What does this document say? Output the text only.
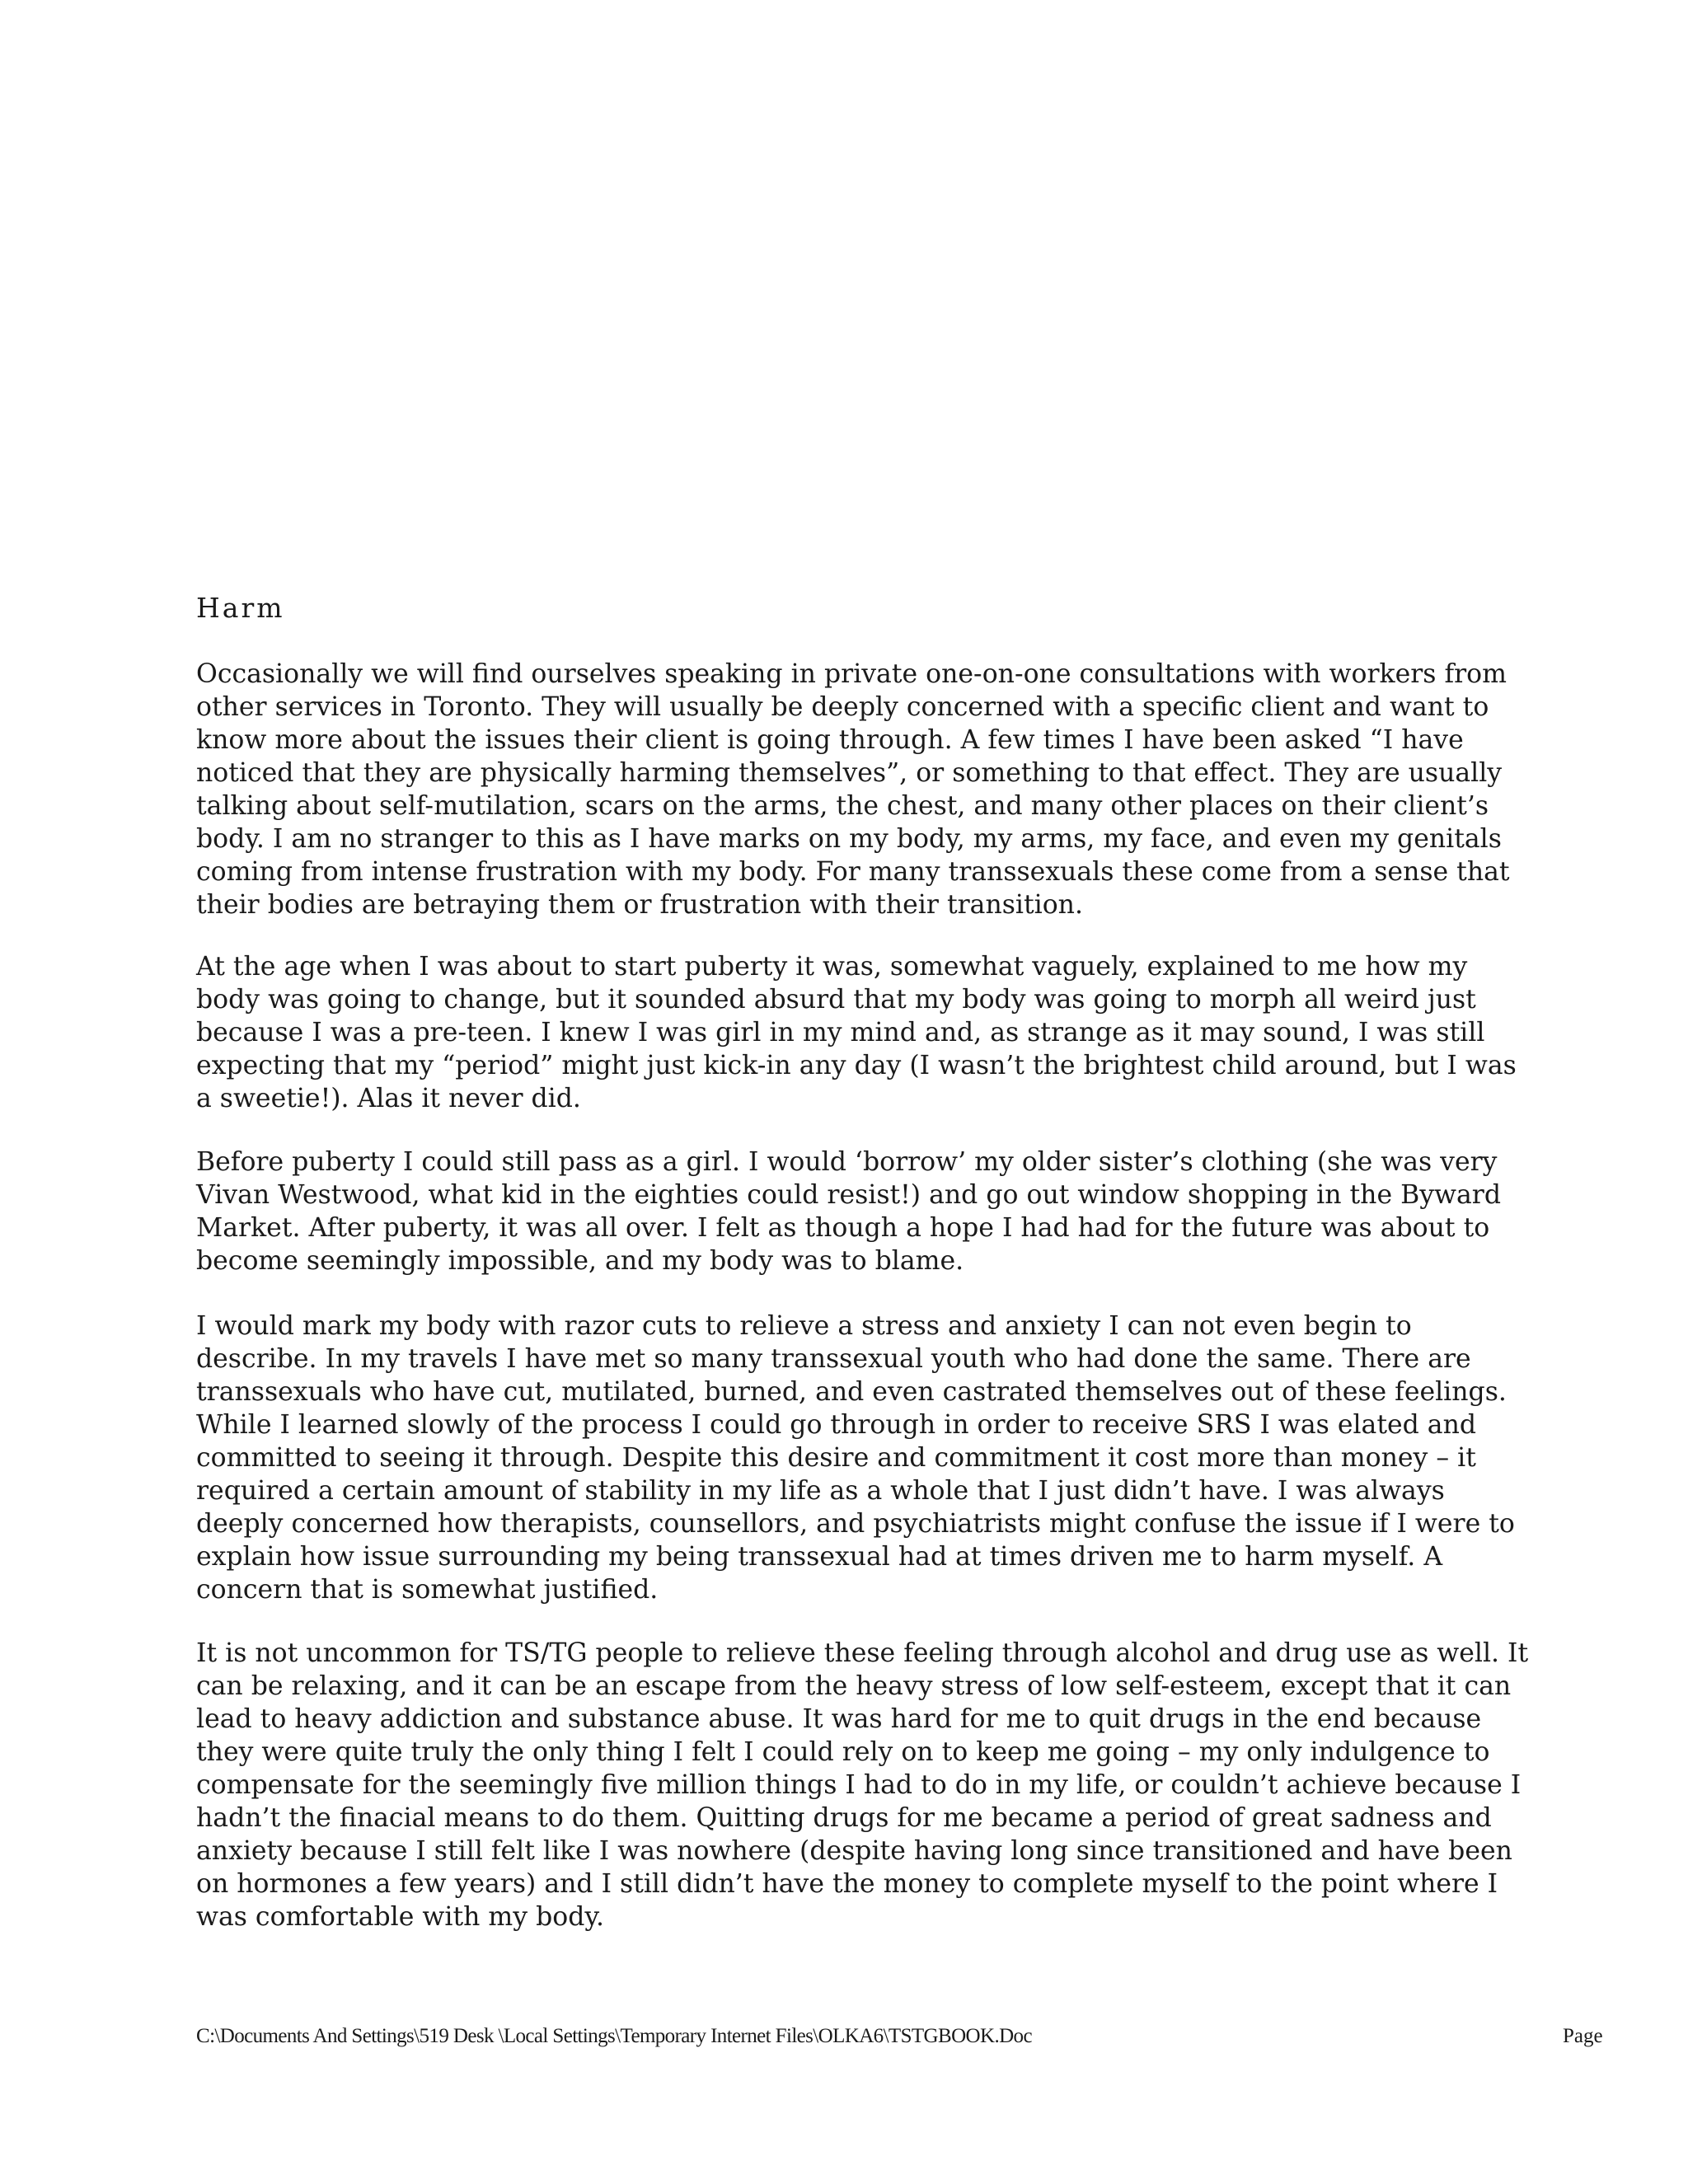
Harm
Occasionally we will find ourselves speaking in private one-on-one consultations with workers from
other services in Toronto. They will usually be deeply concerned with a specific client and want to
know more about the issues their client is going through. A few times I have been asked “I have
noticed that they are physically harming themselves”, or something to that effect. They are usually
talking about self-mutilation, scars on the arms, the chest, and many other places on their client’s
body. I am no stranger to this as I have marks on my body, my arms, my face, and even my genitals
coming from intense frustration with my body. For many transsexuals these come from a sense that
their bodies are betraying them or frustration with their transition.
At the age when I was about to start puberty it was, somewhat vaguely, explained to me how my
body was going to change, but it sounded absurd that my body was going to morph all weird just
because I was a pre-teen. I knew I was girl in my mind and, as strange as it may sound, I was still
expecting that my “period” might just kick-in any day (I wasn’t the brightest child around, but I was
a sweetie!). Alas it never did.
Before puberty I could still pass as a girl. I would ‘borrow’ my older sister’s clothing (she was very
Vivan Westwood, what kid in the eighties could resist!) and go out window shopping in the Byward
Market. After puberty, it was all over. I felt as though a hope I had had for the future was about to
become seemingly impossible, and my body was to blame.
I would mark my body with razor cuts to relieve a stress and anxiety I can not even begin to
describe. In my travels I have met so many transsexual youth who had done the same. There are
transsexuals who have cut, mutilated, burned, and even castrated themselves out of these feelings.
While I learned slowly of the process I could go through in order to receive SRS I was elated and
committed to seeing it through. Despite this desire and commitment it cost more than money – it
required a certain amount of stability in my life as a whole that I just didn’t have. I was always
deeply concerned how therapists, counsellors, and psychiatrists might confuse the issue if I were to
explain how issue surrounding my being transsexual had at times driven me to harm myself. A
concern that is somewhat justified.
It is not uncommon for TS/TG people to relieve these feeling through alcohol and drug use as well. It
can be relaxing, and it can be an escape from the heavy stress of low self-esteem, except that it can
lead to heavy addiction and substance abuse. It was hard for me to quit drugs in the end because
they were quite truly the only thing I felt I could rely on to keep me going – my only indulgence to
compensate for the seemingly five million things I had to do in my life, or couldn’t achieve because I
hadn’t the finacial means to do them. Quitting drugs for me became a period of great sadness and
anxiety because I still felt like I was nowhere (despite having long since transitioned and have been
on hormones a few years) and I still didn’t have the money to complete myself to the point where I
was comfortable with my body.
C:\Documents And Settings\519 Desk \Local Settings\Temporary Internet Files\OLKA6\TSTGBOOK.Doc	Page
